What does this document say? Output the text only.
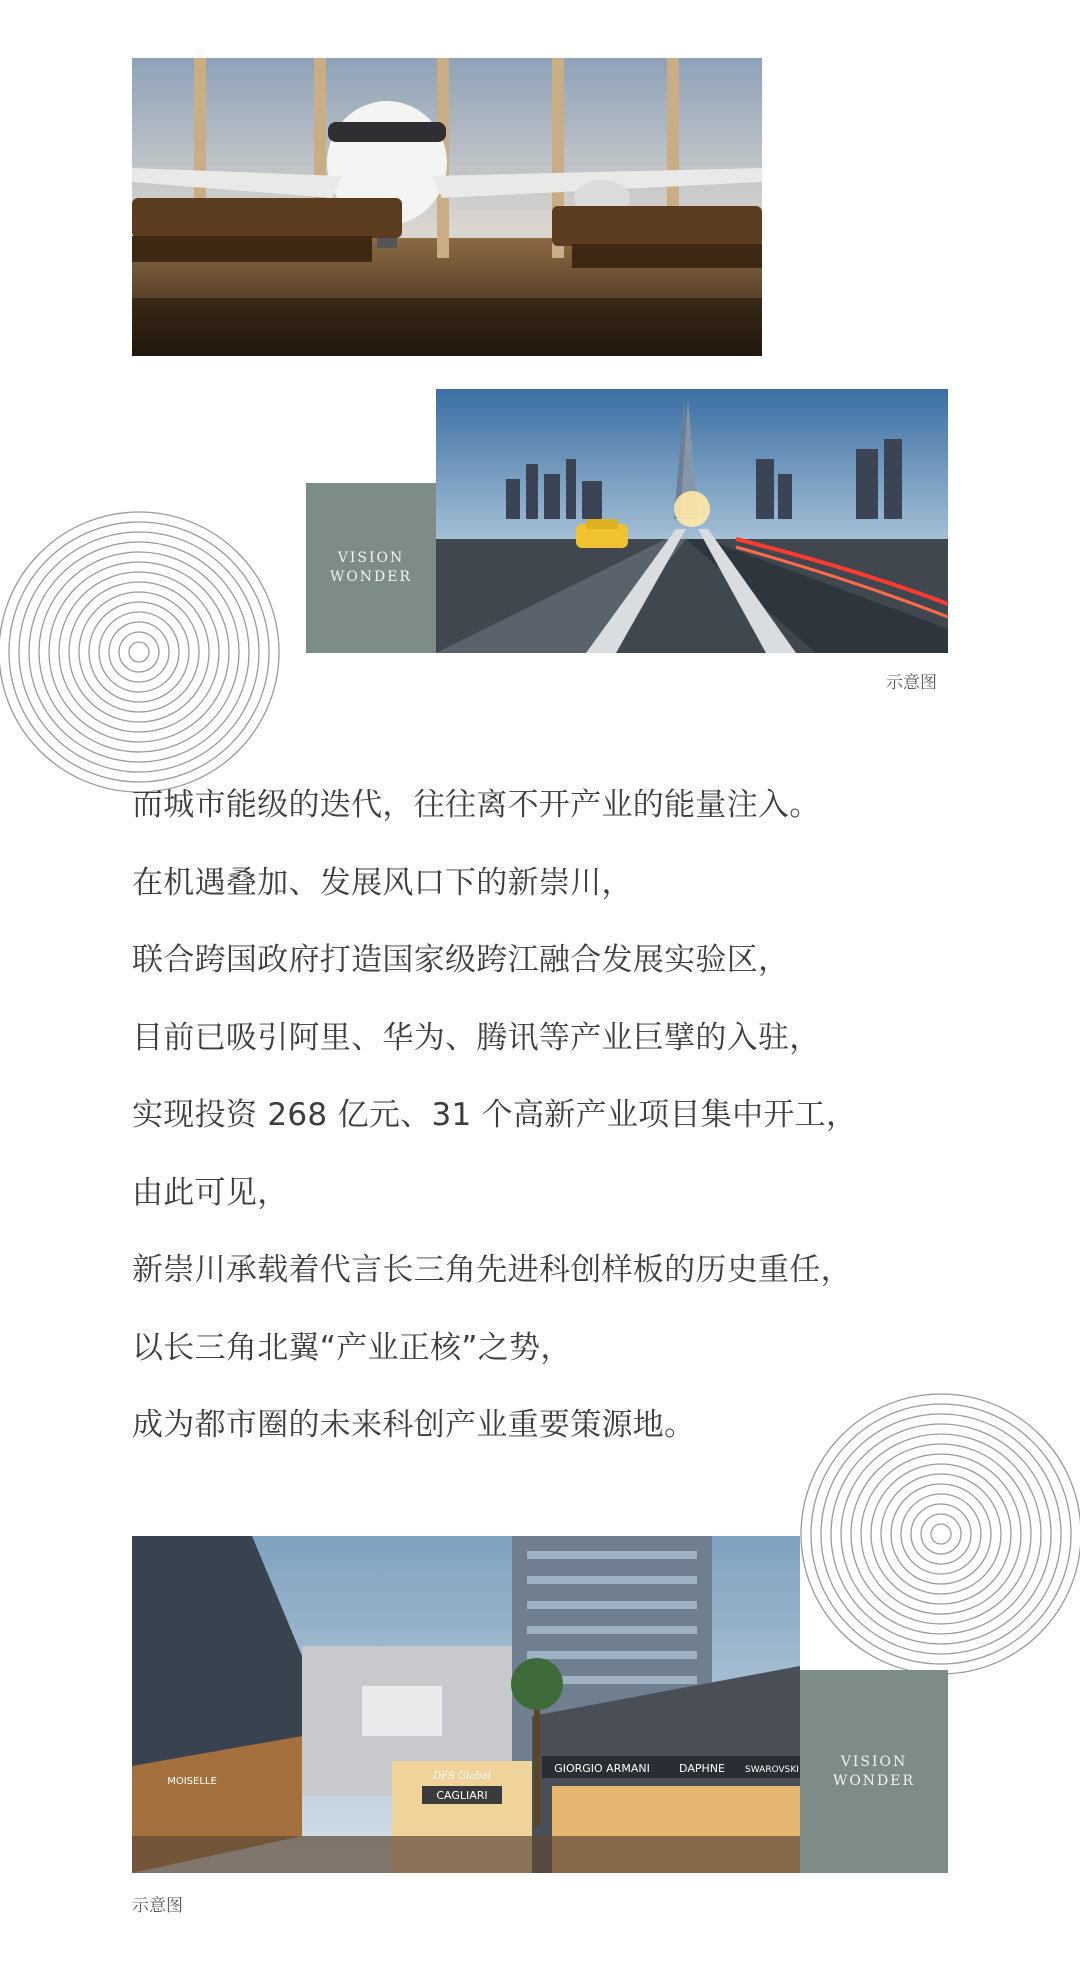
VISION
WONDER
示意图

而城市能级的迭代，往往离不开产业的能量注入。

在机遇叠加、发展风口下的新崇川，

联合跨国政府打造国家级跨江融合发展实验区，

目前已吸引阿里、华为、腾讯等产业巨擘的入驻，

实现投资 268 亿元、31 个高新产业项目集中开工，

由此可见，

新崇川承载着代言长三角先进科创样板的历史重任，

以长三角北翼“产业正核”之势，

成为都市圈的未来科创产业重要策源地。

CAGLIARI
DFS Global
GIORGIO ARMANI	DAPHNE SWAROVSKI
MOISELLE
VISION
WONDER
示意图
